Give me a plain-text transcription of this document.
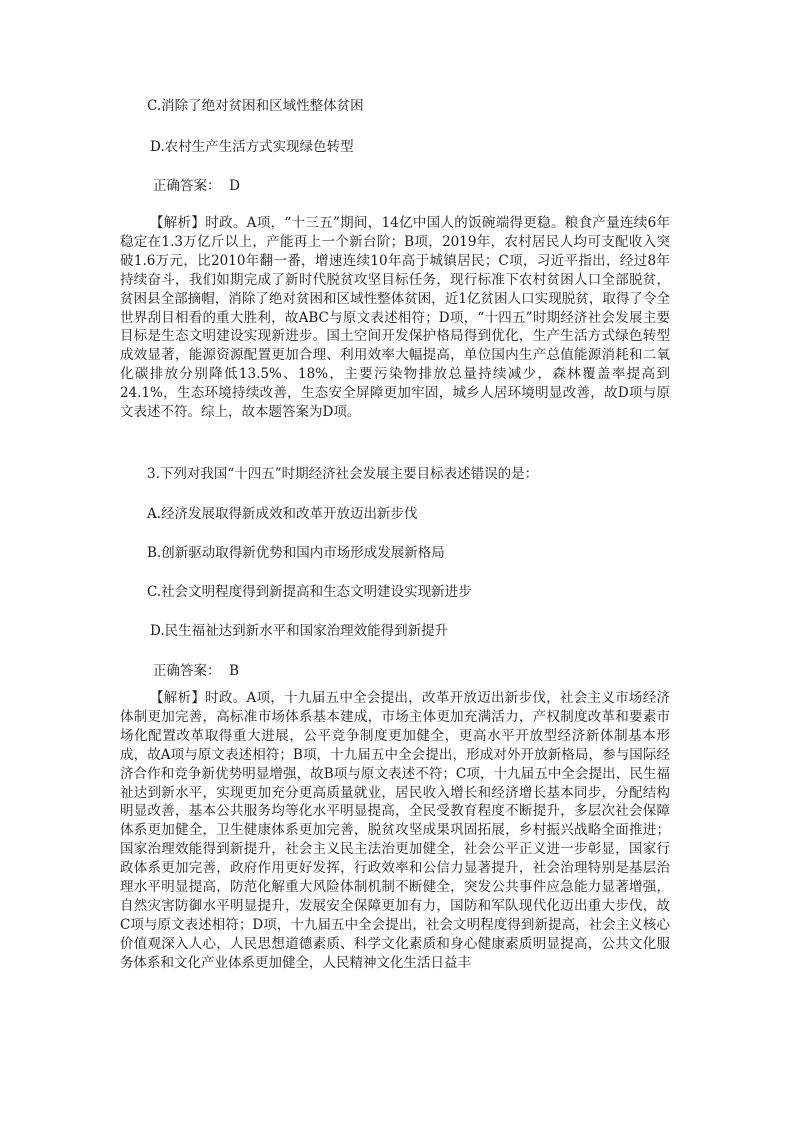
C.消除了绝对贫困和区域性整体贫困
D.农村生产生活方式实现绿色转型
正确答案：  D

【解析】时政。A项，“十三五”期间，14亿中国人的饭碗端得更稳。粮食产量连续6年稳定在1.3万亿斤以上，产能再上一个新台阶；B项，2019年，农村居民人均可支配收入突破1.6万元，比2010年翻一番，增速连续10年高于城镇居民；C项，习近平指出，经过8年持续奋斗，我们如期完成了新时代脱贫攻坚目标任务，现行标准下农村贫困人口全部脱贫，贫困县全部摘帽，消除了绝对贫困和区域性整体贫困，近1亿贫困人口实现脱贫，取得了令全世界刮目相看的重大胜利，故ABC与原文表述相符；D项，“十四五”时期经济社会发展主要目标是生态文明建设实现新进步。国土空间开发保护格局得到优化，生产生活方式绿色转型成效显著，能源资源配置更加合理、利用效率大幅提高，单位国内生产总值能源消耗和二氧化碳排放分别降低13.5%、18%，主要污染物排放总量持续减少，森林覆盖率提高到24.1%，生态环境持续改善，生态安全屏障更加牢固，城乡人居环境明显改善，故D项与原文表述不符。综上，故本题答案为D项。

3.下列对我国“十四五”时期经济社会发展主要目标表述错误的是：
A.经济发展取得新成效和改革开放迈出新步伐
B.创新驱动取得新优势和国内市场形成发展新格局
C.社会文明程度得到新提高和生态文明建设实现新进步
D.民生福祉达到新水平和国家治理效能得到新提升
正确答案：  B

【解析】时政。A项，十九届五中全会提出，改革开放迈出新步伐，社会主义市场经济体制更加完善，高标准市场体系基本建成，市场主体更加充满活力，产权制度改革和要素市场化配置改革取得重大进展，公平竞争制度更加健全，更高水平开放型经济新体制基本形成，故A项与原文表述相符；B项，十九届五中全会提出，形成对外开放新格局，参与国际经济合作和竞争新优势明显增强，故B项与原文表述不符；C项，十九届五中全会提出，民生福祉达到新水平，实现更加充分更高质量就业，居民收入增长和经济增长基本同步，分配结构明显改善，基本公共服务均等化水平明显提高，全民受教育程度不断提升，多层次社会保障体系更加健全，卫生健康体系更加完善，脱贫攻坚成果巩固拓展，乡村振兴战略全面推进；国家治理效能得到新提升，社会主义民主法治更加健全，社会公平正义进一步彰显，国家行政体系更加完善，政府作用更好发挥，行政效率和公信力显著提升，社会治理特别是基层治理水平明显提高，防范化解重大风险体制机制不断健全，突发公共事件应急能力显著增强，自然灾害防御水平明显提升，发展安全保障更加有力，国防和军队现代化迈出重大步伐，故C项与原文表述相符；D项，十九届五中全会提出，社会文明程度得到新提高，社会主义核心价值观深入人心，人民思想道德素质、科学文化素质和身心健康素质明显提高，公共文化服务体系和文化产业体系更加健全，人民精神文化生活日益丰
